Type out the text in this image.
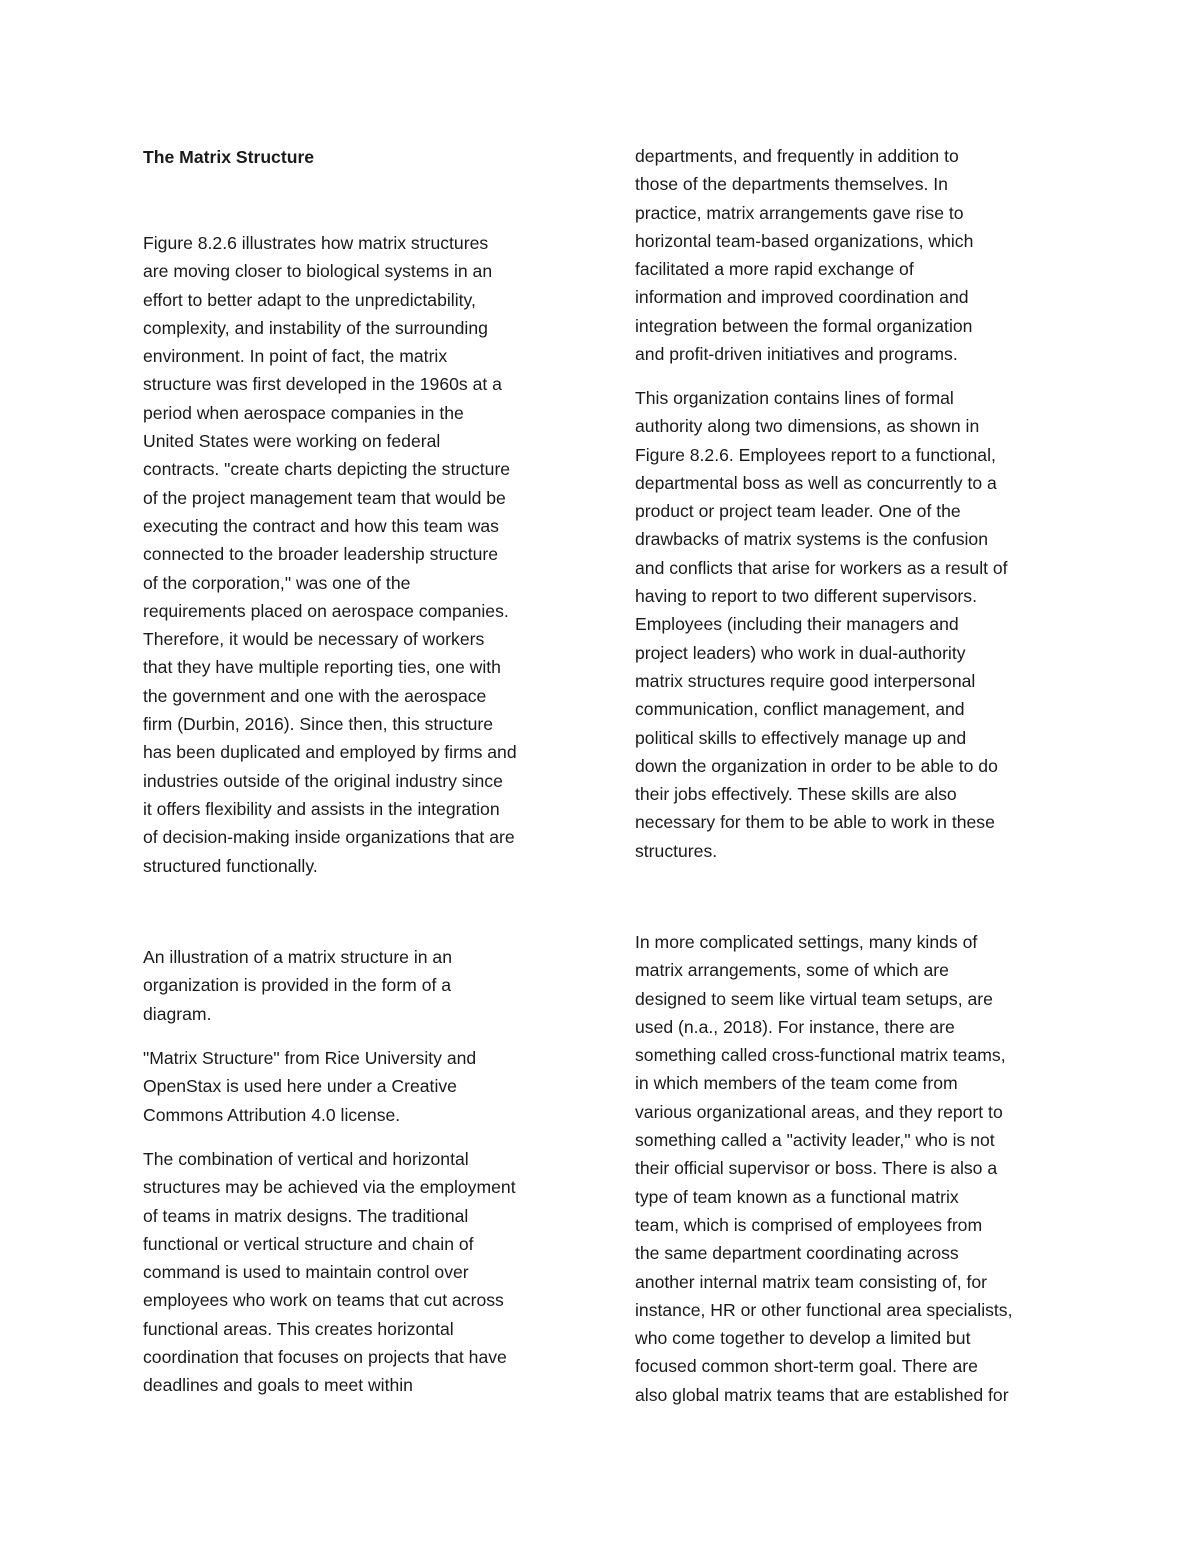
The Matrix Structure
Figure 8.2.6 illustrates how matrix structures
are moving closer to biological systems in an
effort to better adapt to the unpredictability,
complexity, and instability of the surrounding
environment. In point of fact, the matrix
structure was first developed in the 1960s at a
period when aerospace companies in the
United States were working on federal
contracts. "create charts depicting the structure
of the project management team that would be
executing the contract and how this team was
connected to the broader leadership structure
of the corporation," was one of the
requirements placed on aerospace companies.
Therefore, it would be necessary of workers
that they have multiple reporting ties, one with
the government and one with the aerospace
firm (Durbin, 2016). Since then, this structure
has been duplicated and employed by firms and
industries outside of the original industry since
it offers flexibility and assists in the integration
of decision-making inside organizations that are
structured functionally.
An illustration of a matrix structure in an
organization is provided in the form of a
diagram.
"Matrix Structure" from Rice University and
OpenStax is used here under a Creative
Commons Attribution 4.0 license.
The combination of vertical and horizontal
structures may be achieved via the employment
of teams in matrix designs. The traditional
functional or vertical structure and chain of
command is used to maintain control over
employees who work on teams that cut across
functional areas. This creates horizontal
coordination that focuses on projects that have
deadlines and goals to meet within
departments, and frequently in addition to
those of the departments themselves. In
practice, matrix arrangements gave rise to
horizontal team-based organizations, which
facilitated a more rapid exchange of
information and improved coordination and
integration between the formal organization
and profit-driven initiatives and programs.
This organization contains lines of formal
authority along two dimensions, as shown in
Figure 8.2.6. Employees report to a functional,
departmental boss as well as concurrently to a
product or project team leader. One of the
drawbacks of matrix systems is the confusion
and conflicts that arise for workers as a result of
having to report to two different supervisors.
Employees (including their managers and
project leaders) who work in dual-authority
matrix structures require good interpersonal
communication, conflict management, and
political skills to effectively manage up and
down the organization in order to be able to do
their jobs effectively. These skills are also
necessary for them to be able to work in these
structures.
In more complicated settings, many kinds of
matrix arrangements, some of which are
designed to seem like virtual team setups, are
used (n.a., 2018). For instance, there are
something called cross-functional matrix teams,
in which members of the team come from
various organizational areas, and they report to
something called a "activity leader," who is not
their official supervisor or boss. There is also a
type of team known as a functional matrix
team, which is comprised of employees from
the same department coordinating across
another internal matrix team consisting of, for
instance, HR or other functional area specialists,
who come together to develop a limited but
focused common short-term goal. There are
also global matrix teams that are established for
